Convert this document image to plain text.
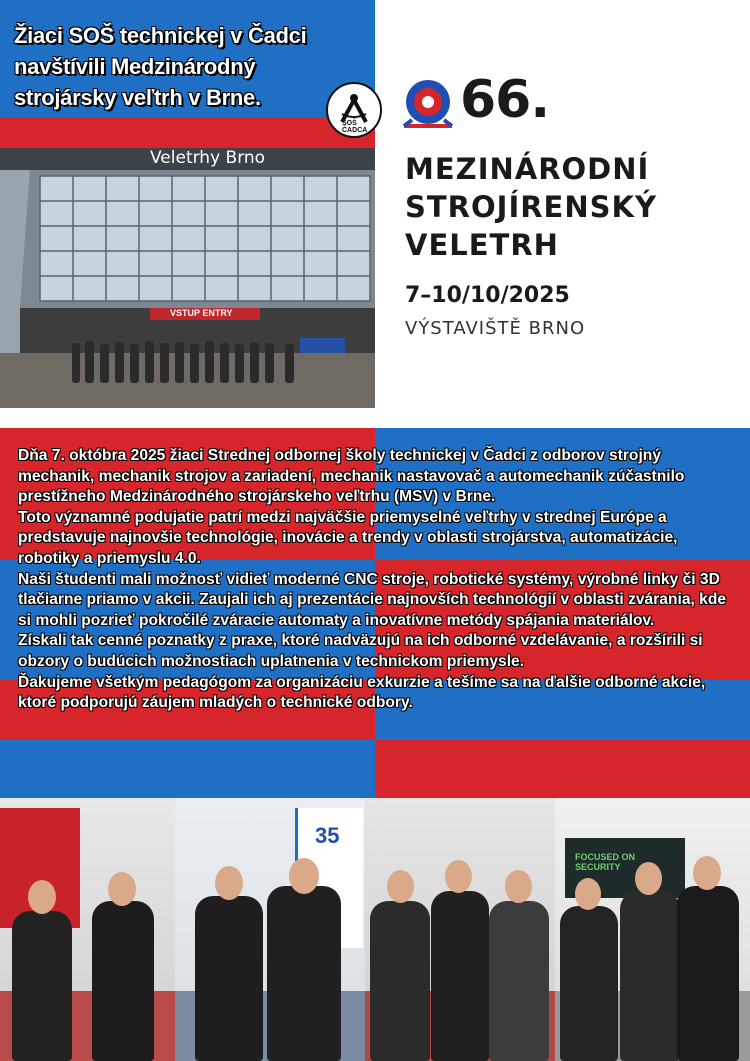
Žiaci SOŠ technickej v Čadci navštívili Medzinárodný strojársky veľtrh v Brne.
SOŠ ČADCA
Veletrhy Brno
VSTUP ENTRY
66.
MEZINÁRODNÍ
STROJÍRENSKÝ
VELETRH
7–10/10/2025
VÝSTAVIŠTĚ BRNO

Dňa 7. októbra 2025 žiaci Strednej odbornej školy technickej v Čadci z odborov strojný mechanik, mechanik strojov a zariadení, mechanik nastavovač a automechanik zúčastnilo prestížneho Medzinárodného strojárskeho veľtrhu (MSV) v Brne.

Toto významné podujatie patrí medzi najväčšie priemyselné veľtrhy v strednej Európe a predstavuje najnovšie technológie, inovácie a trendy v oblasti strojárstva, automatizácie, robotiky a priemyslu 4.0.

Naši študenti mali možnosť vidieť moderné CNC stroje, robotické systémy, výrobné linky či 3D tlačiarne priamo v akcii. Zaujali ich aj prezentácie najnovších technológií v oblasti zvárania, kde si mohli pozrieť pokročilé zváracie automaty a inovatívne metódy spájania materiálov.

Získali tak cenné poznatky z praxe, ktoré nadväzujú na ich odborné vzdelávanie, a rozšírili si obzory o budúcich možnostiach uplatnenia v technickom priemysle.

Ďakujeme všetkým pedagógom za organizáciu exkurzie a tešíme sa na ďalšie odborné akcie, ktoré podporujú záujem mladých o technické odbory.

35
FOCUSED ON SECURITY
